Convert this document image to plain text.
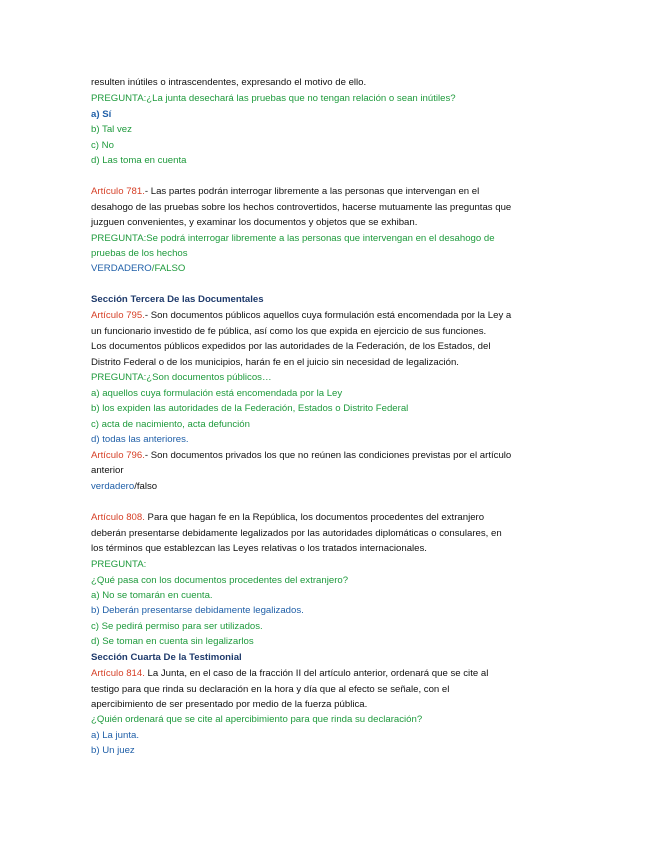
resulten inútiles o intrascendentes, expresando el motivo de ello.

PREGUNTA:¿La junta desechará las pruebas que no tengan relación o sean inútiles?

a) Sí

b) Tal vez

c) No

d) Las toma en cuenta

Artículo 781.- Las partes podrán interrogar libremente a las personas que intervengan en el

desahogo de las pruebas sobre los hechos controvertidos, hacerse mutuamente las preguntas que

juzguen convenientes, y examinar los documentos y objetos que se exhiban.

PREGUNTA:Se podrá interrogar libremente a las personas que intervengan en el desahogo de

pruebas de los hechos

VERDADERO/FALSO

Sección Tercera De las Documentales

Artículo 795.- Son documentos públicos aquellos cuya formulación está encomendada por la Ley a

un funcionario investido de fe pública, así como los que expida en ejercicio de sus funciones.

Los documentos públicos expedidos por las autoridades de la Federación, de los Estados, del

Distrito Federal o de los municipios, harán fe en el juicio sin necesidad de legalización.

PREGUNTA:¿Son documentos públicos…

a) aquellos cuya formulación está encomendada por la Ley

b) los expiden las autoridades de la Federación, Estados o Distrito Federal

c) acta de nacimiento, acta defunción

d) todas las anteriores.

Artículo 796.- Son documentos privados los que no reúnen las condiciones previstas por el artículo

anterior

verdadero/falso

Artículo 808. Para que hagan fe en la República, los documentos procedentes del extranjero

deberán presentarse debidamente legalizados por las autoridades diplomáticas o consulares, en

los términos que establezcan las Leyes relativas o los tratados internacionales.

PREGUNTA:

¿Qué pasa con los documentos procedentes del extranjero?

a) No se tomarán en cuenta.

b) Deberán presentarse debidamente legalizados.

c) Se pedirá permiso para ser utilizados.

d) Se toman en cuenta sin legalizarlos

Sección Cuarta De la Testimonial

Artículo 814. La Junta, en el caso de la fracción II del artículo anterior, ordenará que se cite al

testigo para que rinda su declaración en la hora y día que al efecto se señale, con el

apercibimiento de ser presentado por medio de la fuerza pública.

¿Quién ordenará que se cite al apercibimiento para que rinda su declaración?

a) La junta.

b) Un juez
